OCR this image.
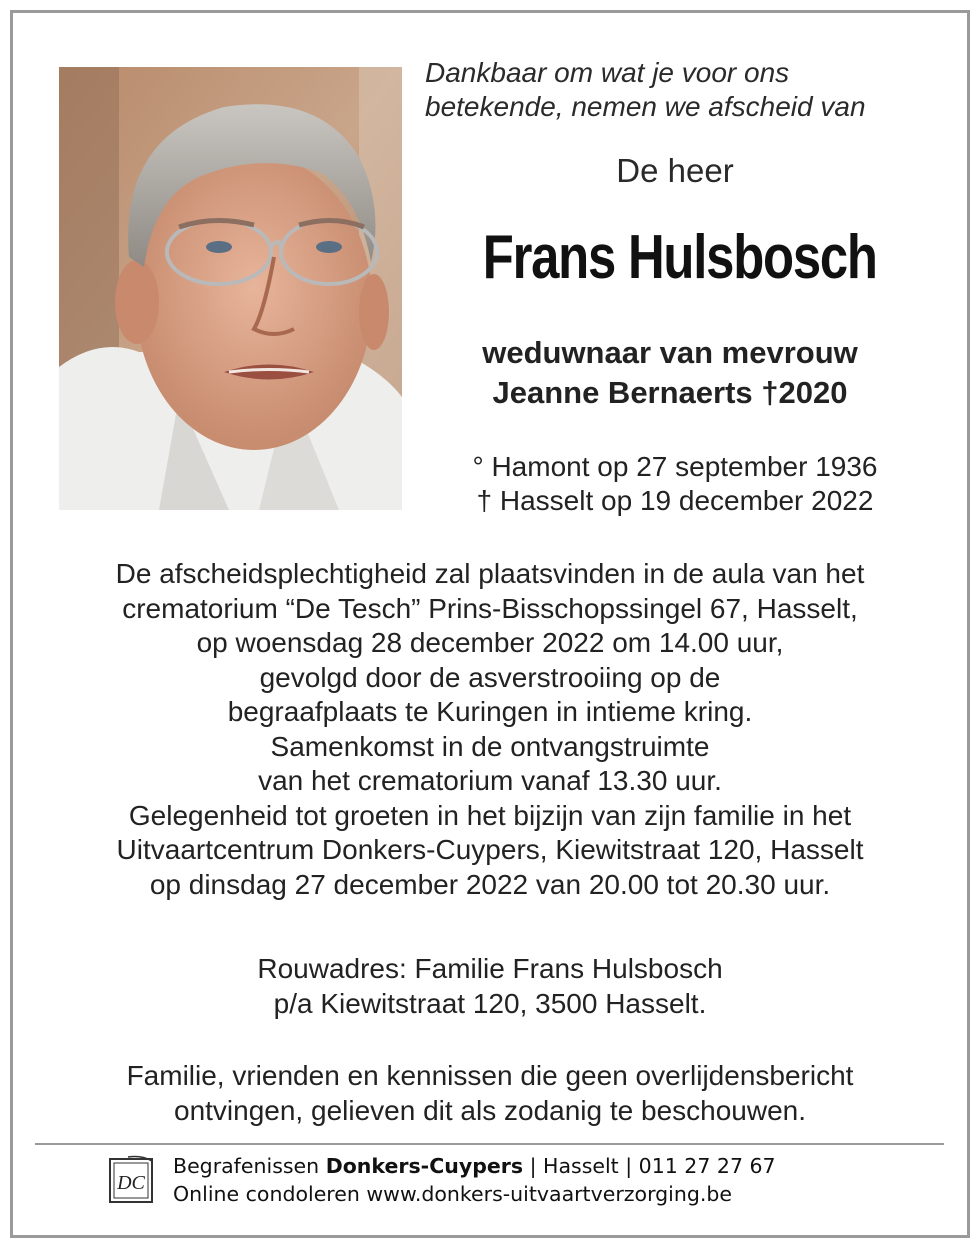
Dankbaar om wat je voor ons
betekende, nemen we afscheid van
De heer
Frans Hulsbosch
weduwnaar van mevrouw
Jeanne Bernaerts †2020
° Hamont op 27 september 1936
† Hasselt op 19 december 2022
De afscheidsplechtigheid zal plaatsvinden in de aula van het
crematorium “De Tesch” Prins-Bisschopssingel 67, Hasselt,
op woensdag 28 december 2022 om 14.00 uur,
gevolgd door de asverstrooiing op de
begraafplaats te Kuringen in intieme kring.
Samenkomst in de ontvangstruimte
van het crematorium vanaf 13.30 uur.
Gelegenheid tot groeten in het bijzijn van zijn familie in het
Uitvaartcentrum Donkers-Cuypers, Kiewitstraat 120, Hasselt
op dinsdag 27 december 2022 van 20.00 tot 20.30 uur.
Rouwadres: Familie Frans Hulsbosch
p/a Kiewitstraat 120, 3500 Hasselt.
Familie, vrienden en kennissen die geen overlijdensbericht
ontvingen, gelieven dit als zodanig te beschouwen.
DC
Begrafenissen Donkers-Cuypers | Hasselt | 011 27 27 67
Online condoleren www.donkers-uitvaartverzorging.be
